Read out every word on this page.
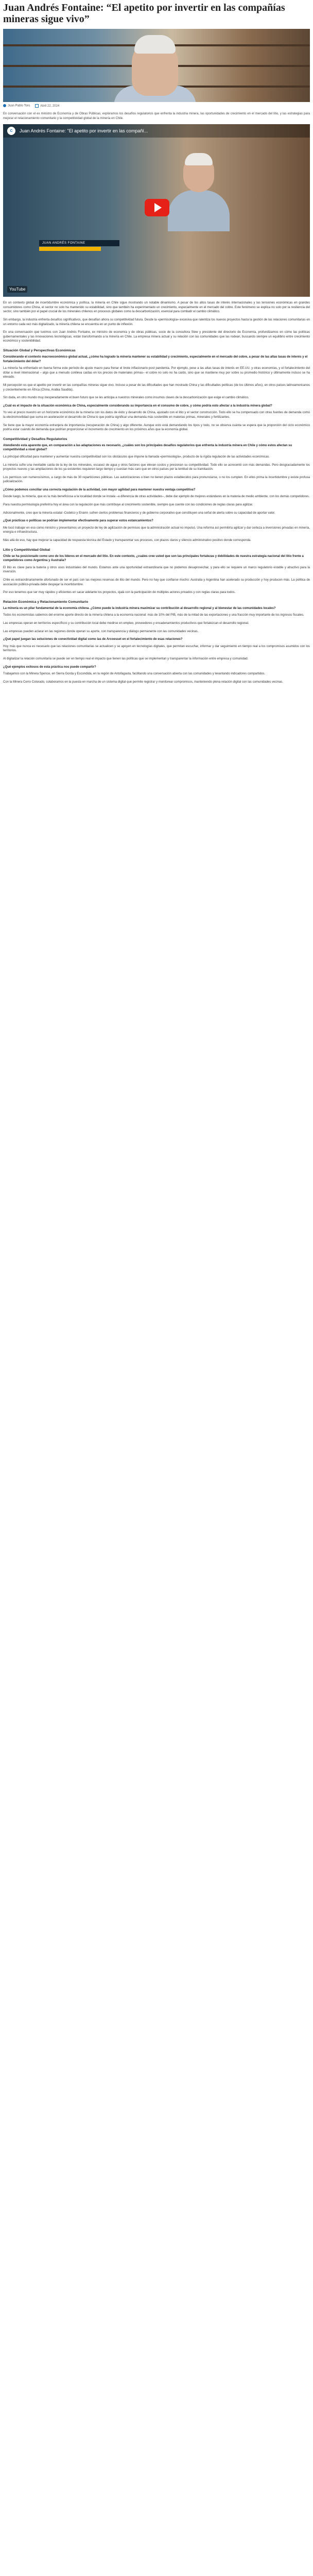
Juan Andrés Fontaine: “El apetito por invertir en las compañías mineras sigue vivo”
Juan Pablo Toro	Abril 22, 2024

En conversación con el ex ministro de Economía y de Obras Públicas, exploramos los desafíos regulatorios que enfrenta la industria minera, las oportunidades de crecimiento en el mercado del litio, y las estrategias para mejorar el relacionamiento comunitario y la competitividad global de la minería en Chile.

C	Juan Andrés Fontaine: "El apetito por invertir en las compañí...
JUAN ANDRÉS FONTAINE
YouTube

En un contexto global de incertidumbre económica y política, la minería en Chile sigue mostrando un notable dinamismo. A pesar de los altos tasas de interés internacionales y las tensiones económicas en grandes consumidores como China, el sector no solo ha mantenido su estabilidad, sino que también ha experimentado un crecimiento, especialmente en el mercado del cobre. Este fenómeno se explica no solo por la resiliencia del sector, sino también por el papel crucial de los minerales chilenos en procesos globales como la descarbonización, esencial para combatir el cambio climático.

Sin embargo, la industria enfrenta desafíos significativos, que desafían ahora su competitividad futura. Desde la «permisología» excesiva que ralentiza los nuevos proyectos hasta la gestión de las relaciones comunitarias en un entorno cada vez más digitalizado, la minería chilena se encuentra en un punto de inflexión.

En una conversación que tuvimos con Juan Andrés Fontaine, ex ministro de economía y de obras públicas, socio de la consultora Slow y presidente del directorio de Eccnomía, profundizamos en cómo las políticas gubernamentales y las innovaciones tecnológicas, están transformando a la minería en Chile. La empresa minera actual y su relación con las comunidades que las rodean, buscando siempre un equilibrio entre crecimiento económico y sostenibilidad.

Situación Global y Perspectivas Económicas
Considerando el contexto macroeconómico global actual, ¿cómo ha logrado la minería mantener su estabilidad y crecimiento, especialmente en el mercado del cobre, a pesar de las altas tasas de interés y el fortalecimiento del dólar?

La minería ha enfrentado en buena forma este período de ajuste macro para frenar el brote inflacionario post pandemia. Por ejemplo, pese a las altas tasas de interés en EE.UU. y otras economías, y el fortalecimiento del dólar a nivel internacional – algo que a menudo conlleva caídas en los precios de materiales primas– el cobre no solo no ha caído, sino que se mantiene muy por sobre su promedio histórico y últimamente incluso se ha elevado.

Mi percepción es que el apetito por invertir en las compañías mineras sigue vivo. Incluso a pesar de las dificultades que han mostrado China y las dificultades políticas (de los últimos años), en otros países latinoamericanos y crecientemente en África (China, Arabia Saudita).

Sin duda, en otro mundo muy inesperadamente el buen futuro que se les anticipa a nuestros minerales como insumos claves de la descarbonización que exige el cambio climático.

¿Cuál es el impacto de la situación económica de China, especialmente considerando su importancia en el consumo de cobre, y cómo podría esto afectar a la industria minera global?

Yo veo al precio nuestro en un horizonte económico de la minería con los datos de éxito y desarrollo de China, ajustado con el litio y el sector construcción. Todo ello se ha compensado con otras fuentes de demanda como la electromovilidad que suma en aceleración el desarrollo de China lo que podría significar una demanda más sostenible en materias primas, minerales y fertilizantes.

Se tiene que la mayor economía extranjera de importancia (recuperación de China) y algo diferente. Aunque esto está demandando los tipos y todo, no se observa cuánta se espera que la proporción del ciclo económico podría estar cuándo de demanda que podrían proporcionar el incremento de crecimiento en los próximos años que la economía global.

Competitividad y Desafíos Regulatorios
Atendiendo esta aparente que, en comparación a las adaptaciones es necesario, ¿cuáles son los principales desafíos regulatorios que enfrenta la industria minera en Chile y cómo estos afectan su competitividad a nivel global?

La principal dificultad para mantener y aumentar nuestra competitividad son los obstáculos que impone la llamada «permisología», producto de la rígida regulación de las actividades económicas.

La minería sufre una inevitable caída de la ley de los minerales, escasez de agua y otros factores que elevan costos y presionan su competitividad. Todo ello se acrecentó con más demandas. Pero desgraciadamente los proyectos nuevos y las ampliaciones de los ya existentes requieren largo tiempo y cuestan más caro que en otros países por la lentitud de su tramitación.

Los permisos son numerosísimos, a cargo de más de 30 reparticiones públicas. Las autorizaciones o bien no tienen plazos establecidos para pronunciarse, o no los cumplen. En ellos prima la incertidumbre y existe profusa judicialización.

¿Cómo podemos conciliar una correcta regulación de la actividad, con mayor agilidad para mantener nuestra ventaja competitiva?

Desde luego, la minería, que es la más beneficiosa a la localidad donde se instala –a diferencia de otras actividades–, debe dar ejemplo de mejores estándares en la materia de medio ambiente, con los demás competidores.

Para nuestra permisología preferiría hoy el área con la regulación que más contribuye al crecimiento sostenible, siempre que cuente con las condiciones de reglas claras para agilizar.

Adicionalmente, creo que la minería estatal -Codelco y Enami- sufren ciertos problemas financieros y de gobierno corporativo que constituyen una señal de alerta sobre su capacidad de aportar valor.

¿Qué prácticas o políticas se podrían implementar efectivamente para superar estos estancamientos?

Me tocó trabajar en eso como ministro y presentamos un proyecto de ley de agilización de permisos que la administración actual no impulsó. Una reforma así permitiría agilizar y dar certeza a inversiones privadas en minería, energía e infraestructura.

Más allá de eso, hay que mejorar la capacidad de respuesta técnica del Estado y transparentar sus procesos, con plazos claros y silencio administrativo positivo donde corresponda.

Litio y Competitividad Global
Chile se ha posicionado como uno de los líderes en el mercado del litio. En este contexto, ¿cuáles cree usted que son las principales fortalezas y debilidades de nuestra estrategia nacional del litio frente a competidores como Argentina y Australia?

El litio es clave para la batería y otros usos industriales del mundo. Estamos ante una oportunidad extraordinaria que no podemos desaprovechar, y para ello se requiere un marco regulatorio estable y atractivo para la inversión.

Chile es extraordinariamente afortunado de ser el país con las mejores reservas de litio del mundo. Pero no hay que confiarse mucho: Australia y Argentina han acelerado su producción y hoy producen más. La política de asociación público-privada debe despejar la incertidumbre.

Por eso tenemos que ser muy rápidos y eficientes en sacar adelante los proyectos, ojalá con la participación de múltiples actores privados y con reglas claras para todos.

Relación Económica y Relacionamiento Comunitario
La minería es un pilar fundamental de la economía chilena. ¿Cómo puede la industria minera maximizar su contribución al desarrollo regional y al bienestar de las comunidades locales?

Todos los economistas sabemos del enorme aporte directo de la minería chilena a la economía nacional: más de 10% del PIB, más de la mitad de las exportaciones y una fracción muy importante de los ingresos fiscales.

Las empresas operan en territorios específicos y su contribución local debe medirse en empleo, proveedores y encadenamientos productivos que fortalezcan el desarrollo regional.

Las empresas pueden aclarar en las regiones donde operan su aporte, con transparencia y diálogo permanente con las comunidades vecinas.

¿Qué papel juegan las soluciones de conectividad digital como las de Arcoesset en el fortalecimiento de esas relaciones?

Hoy más que nunca es necesario que las relaciones comunitarias se actualicen y se apoyen en tecnologías digitales, que permitan escuchar, informar y dar seguimiento en tiempo real a los compromisos asumidos con los territorios.

Al digitalizar la relación comunitaria se puede ser en tiempo real el impacto que tienen las políticas que se implementan y transparentar la información entre empresa y comunidad.

¿Qué ejemplos exitosos de esta práctica nos puede compartir?

Trabajamos con la Minera Spence, en Sierra Gorda y Escondida, en la región de Antofagasta, facilitando una conversación abierta con las comunidades y levantando indicadores compartidos.

Con la Minera Cerro Colorado, colaboramos en la puesta en marcha de un sistema digital que permite registrar y monitorear compromisos, manteniendo plena relación digital con las comunidades vecinas.
